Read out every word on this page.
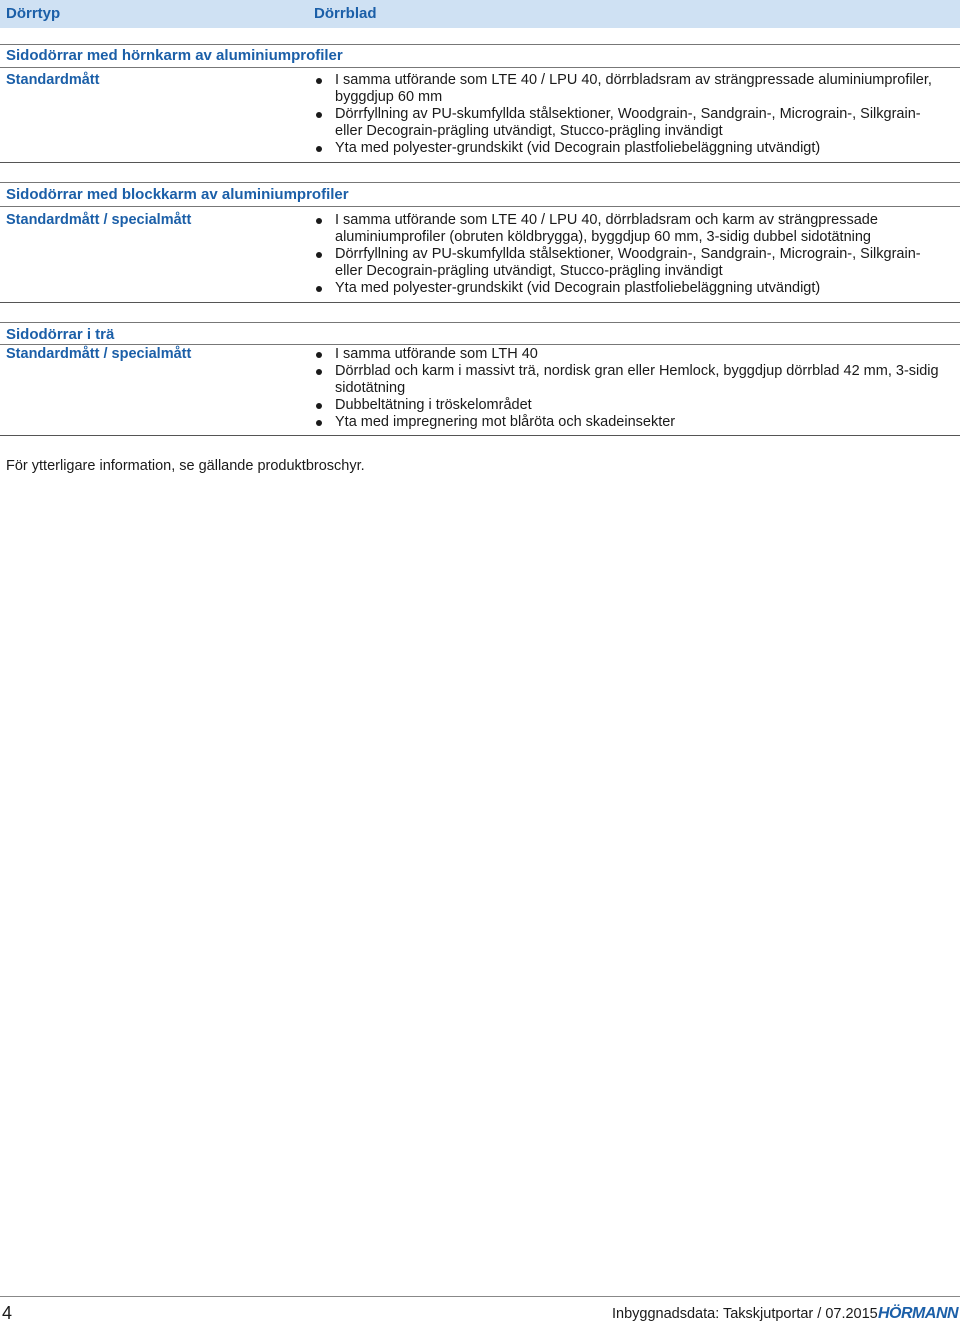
Dörrtyp	Dörrblad
Sidodörrar med hörnkarm av aluminiumprofiler
Standardmått	I samma utförande som LTE 40 / LPU 40, dörrbladsram av strängpressade aluminiumprofiler, byggdjup 60 mm
Dörrfyllning av PU-skumfyllda stålsektioner, Woodgrain-, Sandgrain-, Micrograin-, Silkgrain- eller Decograin-prägling utvändigt, Stucco-prägling invändigt
Yta med polyester-grundskikt (vid Decograin plastfoliebeläggning utvändigt)
Sidodörrar med blockkarm av aluminiumprofiler
Standardmått / specialmått	I samma utförande som LTE 40 / LPU 40, dörrbladsram och karm av strängpressade aluminiumprofiler (obruten köldbrygga), byggdjup 60 mm, 3-sidig dubbel sidotätning
Dörrfyllning av PU-skumfyllda stålsektioner, Woodgrain-, Sandgrain-, Micrograin-, Silkgrain- eller Decograin-prägling utvändigt, Stucco-prägling invändigt
Yta med polyester-grundskikt (vid Decograin plastfoliebeläggning utvändigt)
Sidodörrar i trä
Standardmått / specialmått	I samma utförande som LTH 40
Dörrblad och karm i massivt trä, nordisk gran eller Hemlock, byggdjup dörrblad 42 mm, 3-sidig sidotätning
Dubbeltätning i tröskelområdet
Yta med impregnering mot blåröta och skadeinsekter
För ytterligare information, se gällande produktbroschyr.
4	Inbyggnadsdata: Takskjutportar / 07.2015 HÖRMANN
